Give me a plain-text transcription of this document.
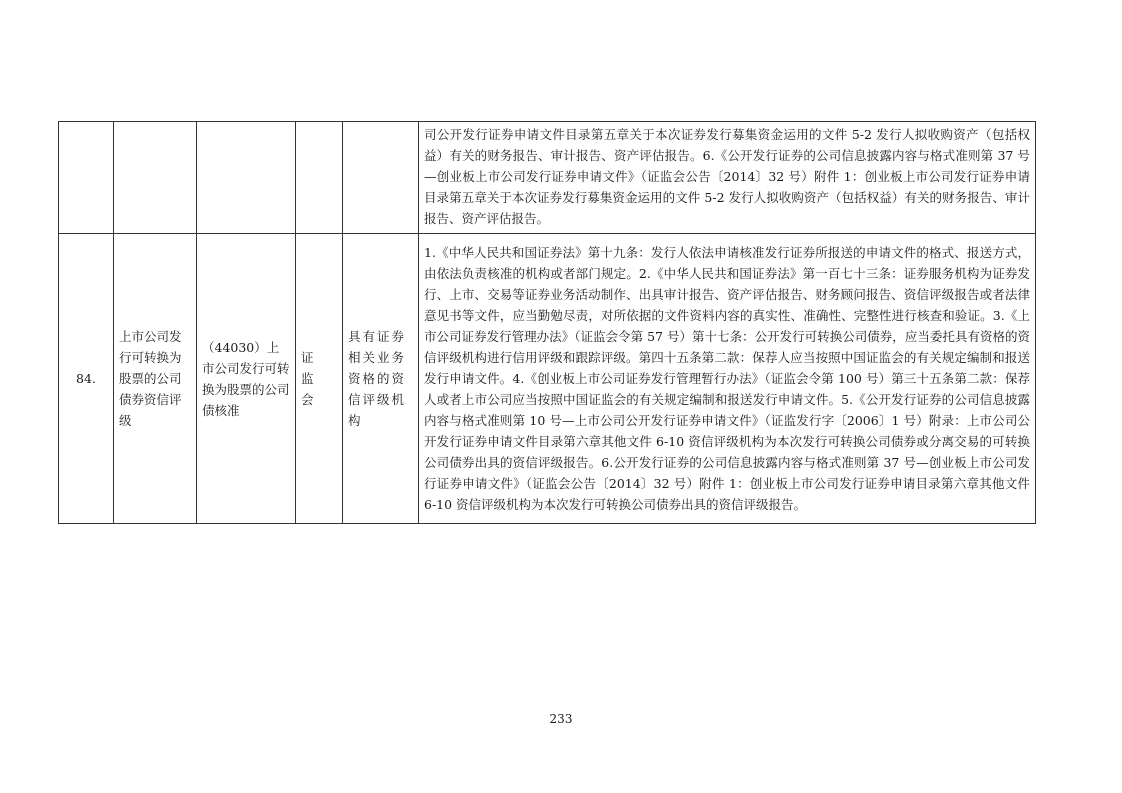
					司公开发行证券申请文件目录第五章关于本次证券发行募集资金运用的文件 5-2 发行人拟收购资产（包括权益）有关的财务报告、审计报告、资产评估报告。6.《公开发行证券的公司信息披露内容与格式准则第 37 号—创业板上市公司发行证券申请文件》（证监会公告〔2014〕32 号）附件 1：创业板上市公司发行证券申请目录第五章关于本次证券发行募集资金运用的文件 5-2 发行人拟收购资产（包括权益）有关的财务报告、审计报告、资产评估报告。
84.	上市公司发行可转换为股票的公司债券资信评级	（44030）上市公司发行可转换为股票的公司债核准	证监会	具有证券相关业务资格的资信评级机构	1.《中华人民共和国证券法》第十九条：发行人依法申请核准发行证券所报送的申请文件的格式、报送方式，由依法负责核准的机构或者部门规定。2.《中华人民共和国证券法》第一百七十三条：证券服务机构为证券发行、上市、交易等证券业务活动制作、出具审计报告、资产评估报告、财务顾问报告、资信评级报告或者法律意见书等文件，应当勤勉尽责，对所依据的文件资料内容的真实性、准确性、完整性进行核查和验证。3.《上市公司证券发行管理办法》（证监会令第 57 号）第十七条：公开发行可转换公司债券，应当委托具有资格的资信评级机构进行信用评级和跟踪评级。第四十五条第二款：保荐人应当按照中国证监会的有关规定编制和报送发行申请文件。4.《创业板上市公司证券发行管理暂行办法》（证监会令第 100 号）第三十五条第二款：保荐人或者上市公司应当按照中国证监会的有关规定编制和报送发行申请文件。5.《公开发行证券的公司信息披露内容与格式准则第 10 号—上市公司公开发行证券申请文件》（证监发行字〔2006〕1 号）附录：上市公司公开发行证券申请文件目录第六章其他文件 6-10 资信评级机构为本次发行可转换公司债券或分离交易的可转换公司债券出具的资信评级报告。6.公开发行证券的公司信息披露内容与格式准则第 37 号—创业板上市公司发行证券申请文件》（证监会公告〔2014〕32 号）附件 1：创业板上市公司发行证券申请目录第六章其他文件 6-10 资信评级机构为本次发行可转换公司债券出具的资信评级报告。
233
